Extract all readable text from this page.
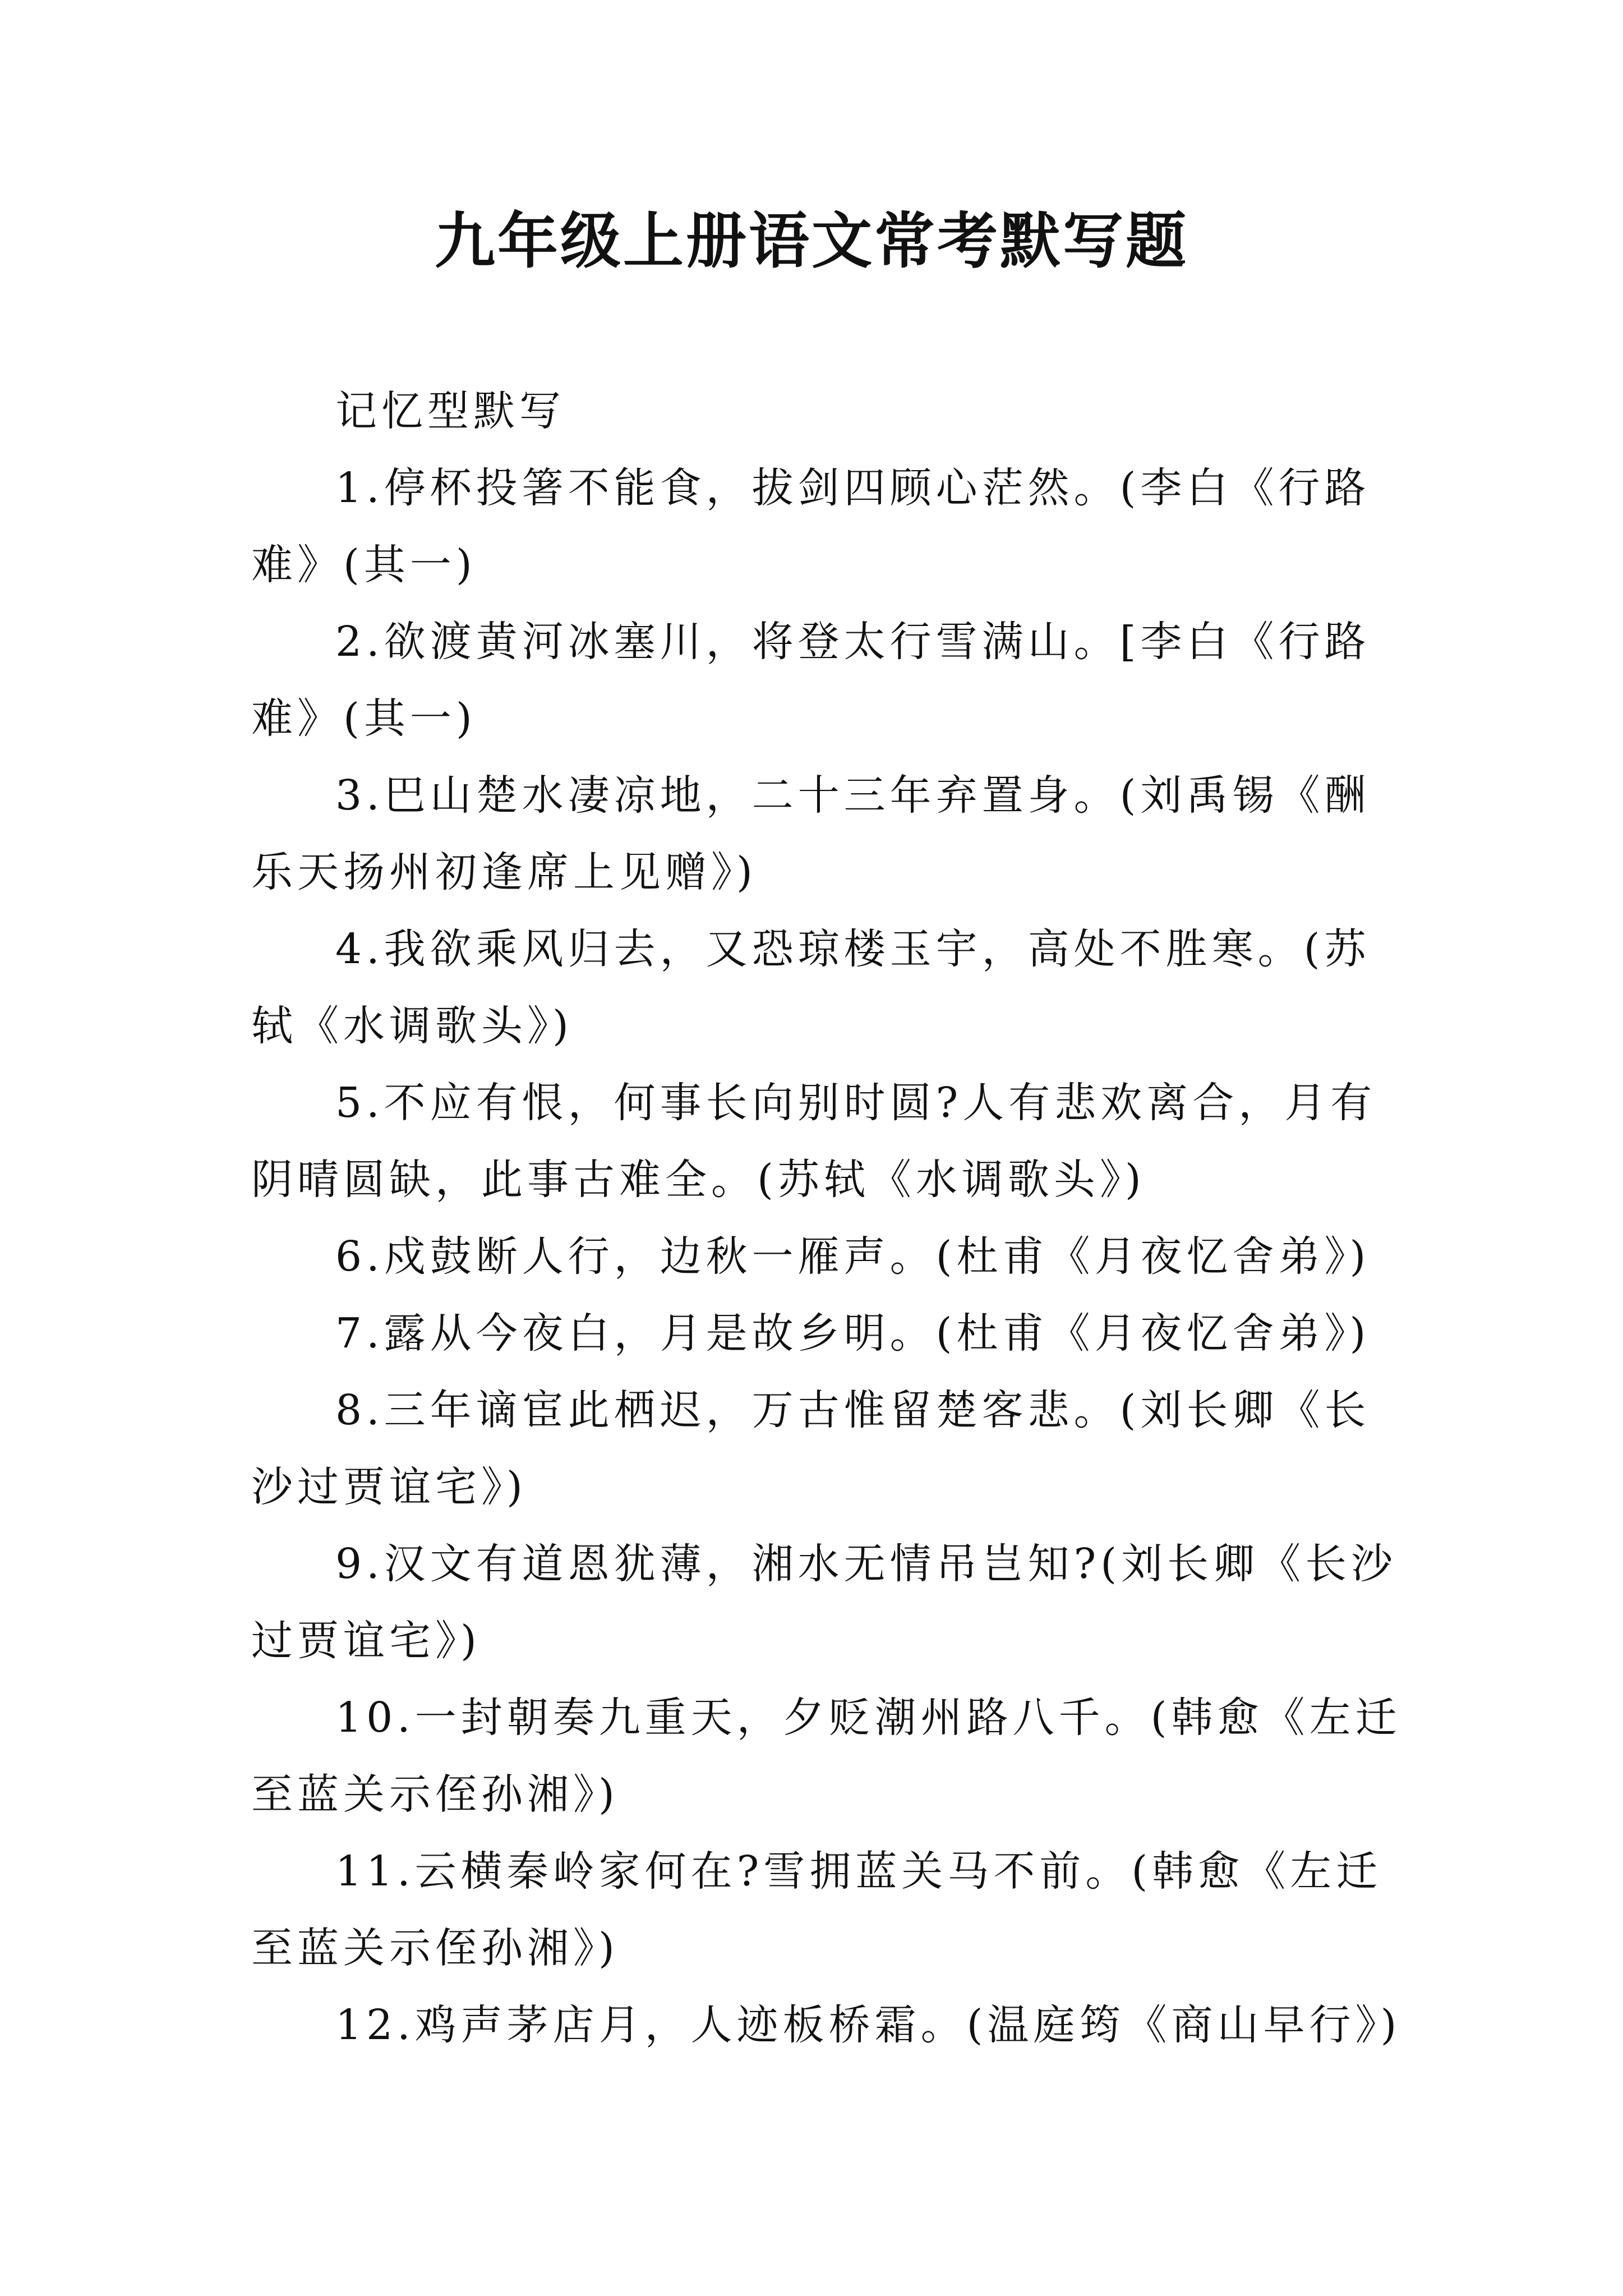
九年级上册语文常考默写题

记忆型默写

1.停杯投箸不能食，拔剑四顾心茫然。(李白《行路难》(其一)

2.欲渡黄河冰塞川，将登太行雪满山。[李白《行路难》(其一)

3.巴山楚水凄凉地，二十三年弃置身。(刘禹锡《酬乐天扬州初逢席上见赠》)

4.我欲乘风归去，又恐琼楼玉宇，高处不胜寒。(苏轼《水调歌头》)

5.不应有恨，何事长向别时圆?人有悲欢离合，月有阴晴圆缺，此事古难全。(苏轼《水调歌头》)

6.戍鼓断人行，边秋一雁声。(杜甫《月夜忆舍弟》)

7.露从今夜白，月是故乡明。(杜甫《月夜忆舍弟》)

8.三年谪宦此栖迟，万古惟留楚客悲。(刘长卿《长沙过贾谊宅》)

9.汉文有道恩犹薄，湘水无情吊岂知?(刘长卿《长沙过贾谊宅》)

10.一封朝奏九重天，夕贬潮州路八千。(韩愈《左迁至蓝关示侄孙湘》)

11.云横秦岭家何在?雪拥蓝关马不前。(韩愈《左迁至蓝关示侄孙湘》)

12.鸡声茅店月，人迹板桥霜。(温庭筠《商山早行》)
